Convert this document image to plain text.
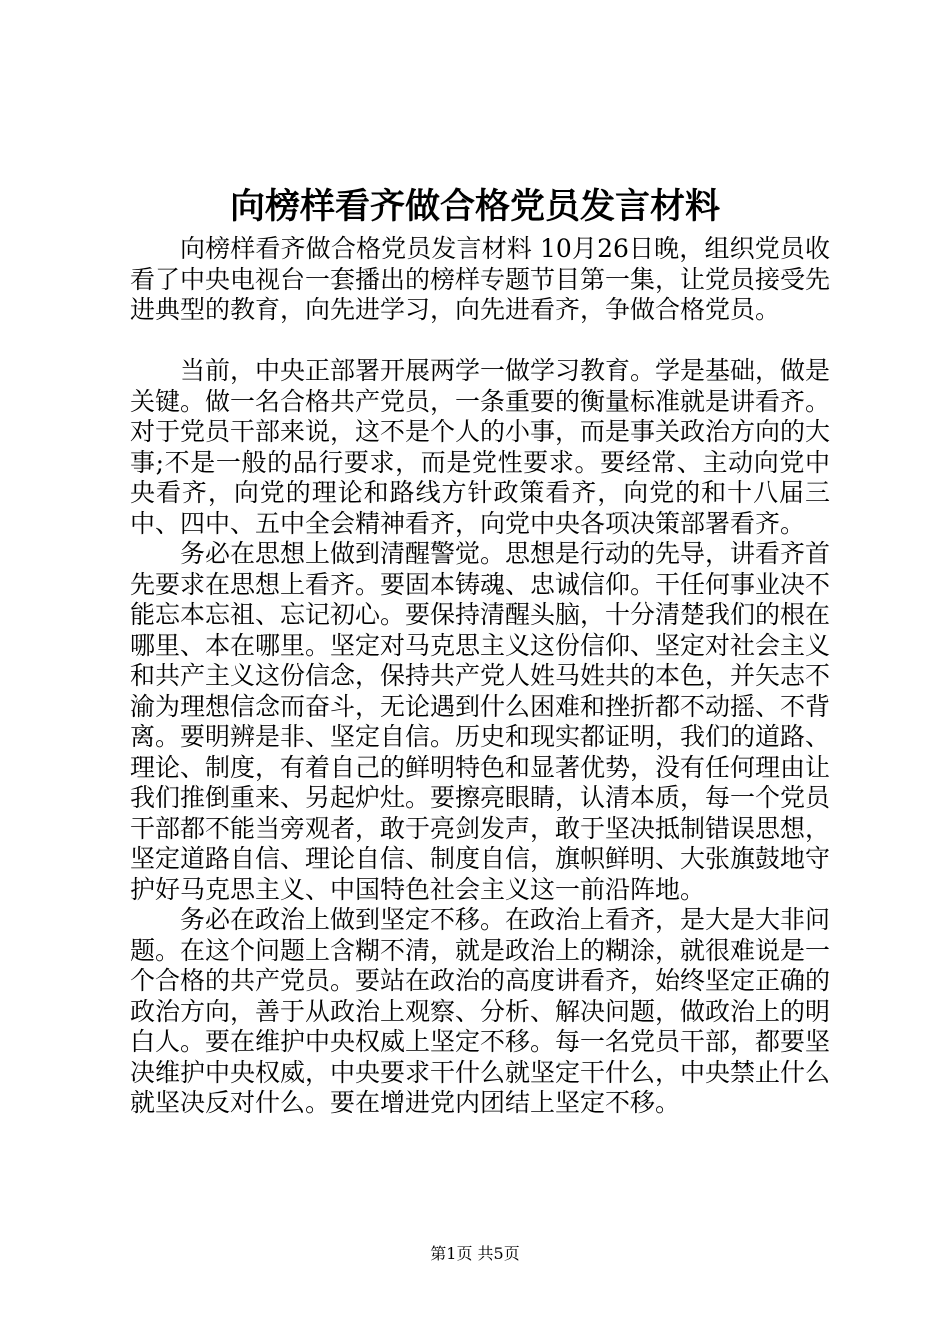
向榜样看齐做合格党员发言材料

向榜样看齐做合格党员发言材料 10月26日晚，组织党员收看了中央电视台一套播出的榜样专题节目第一集，让党员接受先进典型的教育，向先进学习，向先进看齐，争做合格党员。

当前，中央正部署开展两学一做学习教育。学是基础，做是关键。做一名合格共产党员，一条重要的衡量标准就是讲看齐。对于党员干部来说，这不是个人的小事，而是事关政治方向的大事;不是一般的品行要求，而是党性要求。要经常、主动向党中央看齐，向党的理论和路线方针政策看齐，向党的和十八届三中、四中、五中全会精神看齐，向党中央各项决策部署看齐。

务必在思想上做到清醒警觉。思想是行动的先导，讲看齐首先要求在思想上看齐。要固本铸魂、忠诚信仰。干任何事业决不能忘本忘祖、忘记初心。要保持清醒头脑，十分清楚我们的根在哪里、本在哪里。坚定对马克思主义这份信仰、坚定对社会主义和共产主义这份信念，保持共产党人姓马姓共的本色，并矢志不渝为理想信念而奋斗，无论遇到什么困难和挫折都不动摇、不背离。要明辨是非、坚定自信。历史和现实都证明，我们的道路、理论、制度，有着自己的鲜明特色和显著优势，没有任何理由让我们推倒重来、另起炉灶。要擦亮眼睛，认清本质，每一个党员干部都不能当旁观者，敢于亮剑发声，敢于坚决抵制错误思想，坚定道路自信、理论自信、制度自信，旗帜鲜明、大张旗鼓地守护好马克思主义、中国特色社会主义这一前沿阵地。

务必在政治上做到坚定不移。在政治上看齐，是大是大非问题。在这个问题上含糊不清，就是政治上的糊涂，就很难说是一个合格的共产党员。要站在政治的高度讲看齐，始终坚定正确的政治方向，善于从政治上观察、分析、解决问题，做政治上的明白人。要在维护中央权威上坚定不移。每一名党员干部，都要坚决维护中央权威，中央要求干什么就坚定干什么，中央禁止什么就坚决反对什么。要在增进党内团结上坚定不移。

第1页 共5页
